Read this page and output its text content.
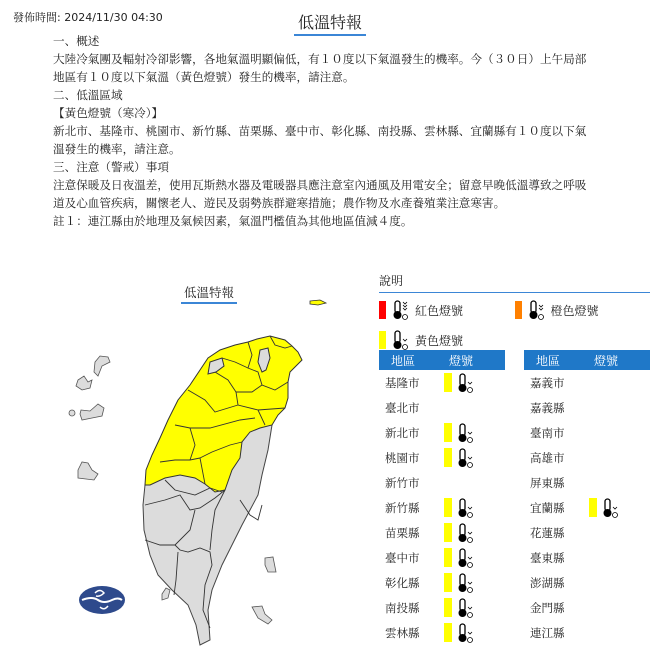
發佈時間: 2024/11/30 04:30	低溫特報
一、概述
大陸冷氣團及輻射冷卻影響，各地氣溫明顯偏低，有１０度以下氣溫發生的機率。今（３０日）上午局部
地區有１０度以下氣溫（黃色燈號）發生的機率，請注意。
二、低溫區域
【黃色燈號（寒冷）】
新北市、基隆市、桃園市、新竹縣、苗栗縣、臺中市、彰化縣、南投縣、雲林縣、宜蘭縣有１０度以下氣
溫發生的機率，請注意。
三、注意（警戒）事項
注意保暖及日夜溫差，使用瓦斯熱水器及電暖器具應注意室內通風及用電安全；留意早晚低溫導致之呼吸
道及心血管疾病，關懷老人、遊民及弱勢族群避寒措施；農作物及水產養殖業注意寒害。
註１：連江縣由於地理及氣候因素，氣溫門檻值為其他地區值減４度。
低溫特報
說明
紅色燈號	橙色燈號
黃色燈號
地區	燈號
基隆市
臺北市
新北市
桃園市
新竹市
新竹縣
苗栗縣
臺中市
彰化縣
南投縣
雲林縣
地區	燈號
嘉義市
嘉義縣
臺南市
高雄市
屏東縣
宜蘭縣
花蓮縣
臺東縣
澎湖縣
金門縣
連江縣
